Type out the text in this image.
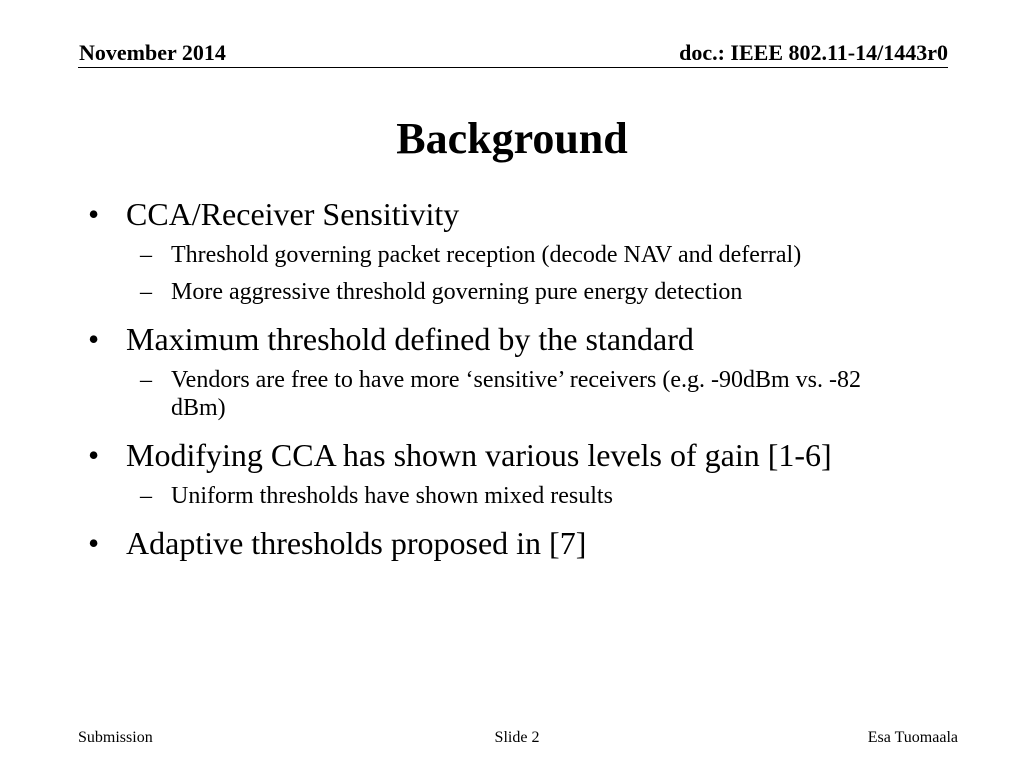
November 2014	doc.: IEEE 802.11-14/1443r0
Background
• CCA/Receiver Sensitivity
– Threshold governing packet reception (decode NAV and deferral)
– More aggressive threshold governing pure energy detection
• Maximum threshold defined by the standard
– Vendors are free to have more ‘sensitive’ receivers (e.g. -90dBm vs. -82 dBm)
• Modifying CCA has shown various levels of gain [1-6]
– Uniform thresholds have shown mixed results
• Adaptive thresholds proposed in [7]
Submission	Slide 2	Esa Tuomaala
